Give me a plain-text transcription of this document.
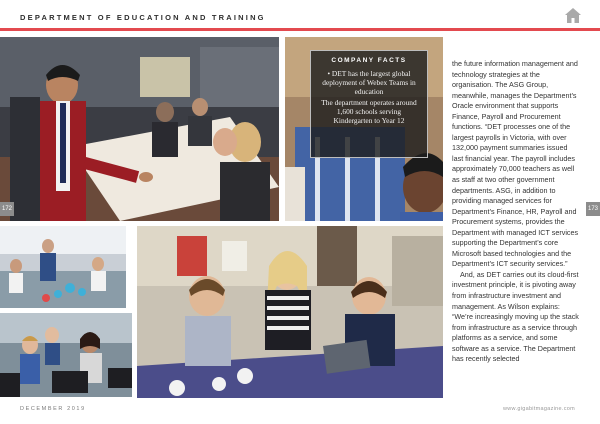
DEPARTMENT OF EDUCATION AND TRAINING
COMPANY FACTS
• DET has the largest global deployment of Webex Teams in education
The department operates around 1,600 schools serving Kindergarten to Year 12
172	173

the future information management and technology strategies at the organisation. The ASG Group, meanwhile, manages the Department’s Oracle environment that supports Finance, Payroll and Procurement functions. “DET processes one of the largest payrolls in Victoria, with over 132,000 payment summaries issued last financial year. The payroll includes approximately 70,000 teachers as well as staff at two other government departments. ASG, in addition to providing managed services for Department’s Finance, HR, Payroll and Procurement systems, provides the Department with managed ICT services supporting the Department’s core Microsoft based technologies and the Department’s ICT security services.”

And, as DET carries out its cloud-first investment principle, it is pivoting away from infrastructure investment and management. As Wilson explains: “We’re increasingly moving up the stack from infrastructure as a service through platforms as a service, and some software as a service. The Department has recently selected

DECEMBER 2019	www.gigabitmagazine.com
